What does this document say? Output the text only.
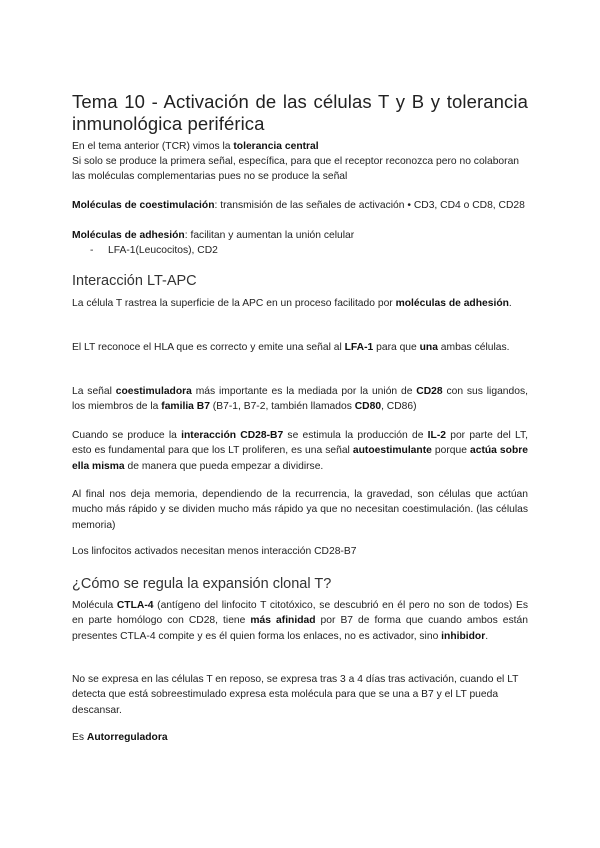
Tema 10 - Activación de las células T y B y tolerancia inmunológica periférica

En el tema anterior (TCR) vimos la tolerancia central

Si solo se produce la primera señal, específica, para que el receptor reconozca pero no colaboran las moléculas complementarias pues no se produce la señal

Moléculas de coestimulación: transmisión de las señales de activación • CD3, CD4 o CD8, CD28

Moléculas de adhesión: facilitan y aumentan la unión celular

- LFA-1(Leucocitos), CD2
Interacción LT-APC

La célula T rastrea la superficie de la APC en un proceso facilitado por moléculas de adhesión.

El LT reconoce el HLA que es correcto y emite una señal al LFA-1 para que una ambas células.

La señal coestimuladora más importante es la mediada por la unión de CD28 con sus ligandos, los miembros de la familia B7 (B7-1, B7-2, también llamados CD80, CD86)

Cuando se produce la interacción CD28-B7 se estimula la producción de IL-2 por parte del LT, esto es fundamental para que los LT proliferen, es una señal autoestimulante porque actúa sobre ella misma de manera que pueda empezar a dividirse.

Al final nos deja memoria, dependiendo de la recurrencia, la gravedad, son células que actúan mucho más rápido y se dividen mucho más rápido ya que no necesitan coestimulación. (las células memoria)

Los linfocitos activados necesitan menos interacción CD28-B7

¿Cómo se regula la expansión clonal T?

Molécula CTLA-4 (antígeno del linfocito T citotóxico, se descubrió en él pero no son de todos) Es en parte homólogo con CD28, tiene más afinidad por B7 de forma que cuando ambos están presentes CTLA-4 compite y es él quien forma los enlaces, no es activador, sino inhibidor.

No se expresa en las células T en reposo, se expresa tras 3 a 4 días tras activación, cuando el LT detecta que está sobreestimulado expresa esta molécula para que se una a B7 y el LT pueda descansar.

Es Autorreguladora
